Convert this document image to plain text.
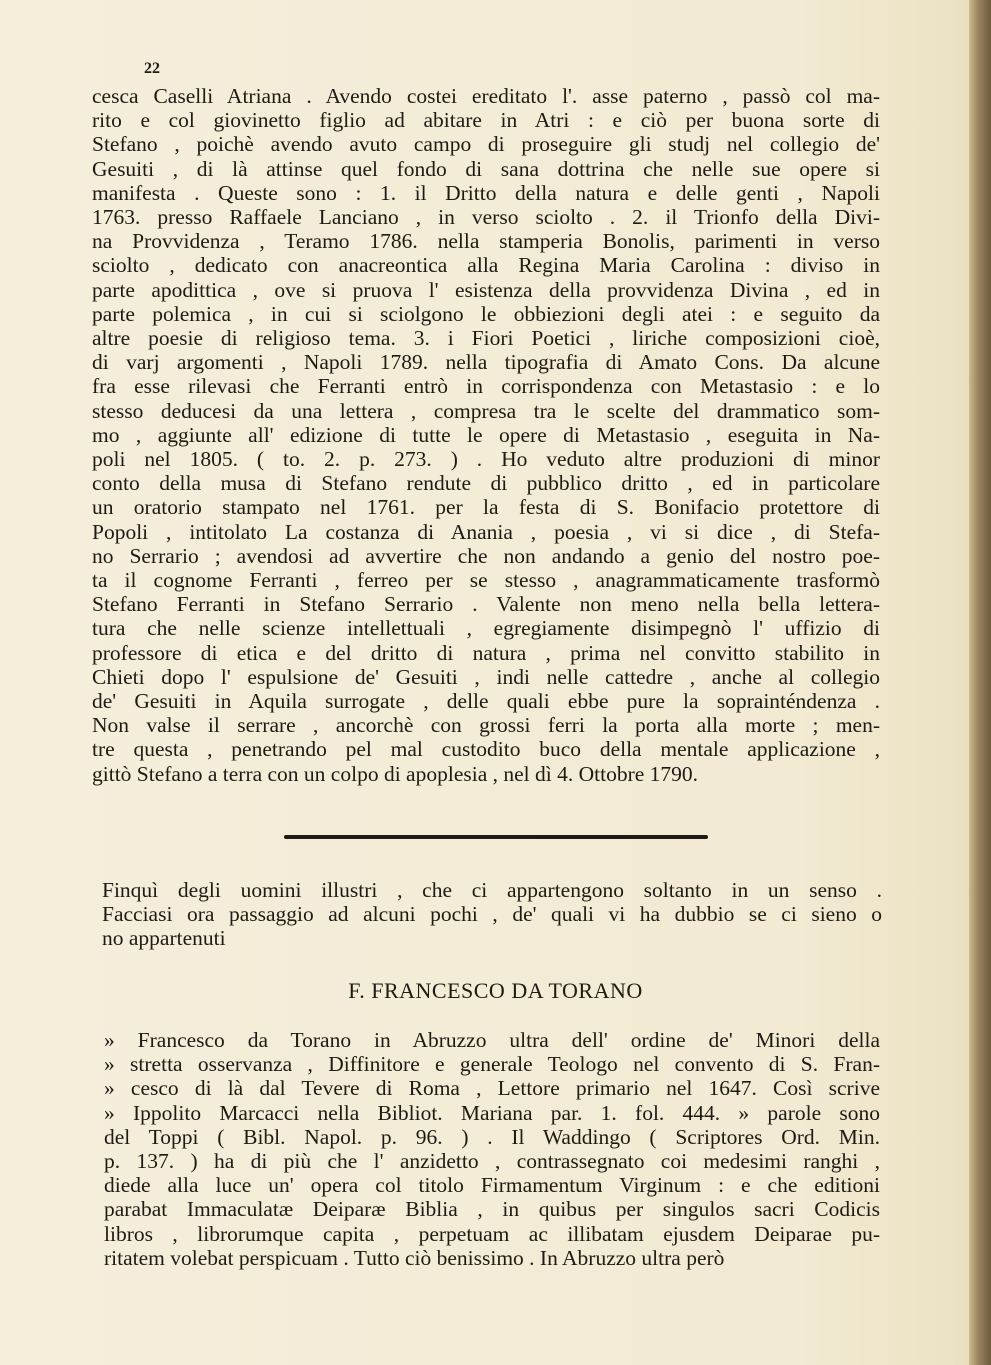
22
cesca Caselli Atriana . Avendo costei ereditato l'. asse paterno , passò col ma-
rito e col giovinetto figlio ad abitare in Atri : e ciò per buona sorte di
Stefano , poichè avendo avuto campo di proseguire gli studj nel collegio de'
Gesuiti , di là attinse quel fondo di sana dottrina che nelle sue opere si
manifesta . Queste sono : 1. il Dritto della natura e delle genti , Napoli
1763. presso Raffaele Lanciano , in verso sciolto . 2. il Trionfo della Divi-
na Provvidenza , Teramo 1786. nella stamperia Bonolis, parimenti in verso
sciolto , dedicato con anacreontica alla Regina Maria Carolina : diviso in
parte apodittica , ove si pruova l' esistenza della provvidenza Divina , ed in
parte polemica , in cui si sciolgono le obbiezioni degli atei : e seguito da
altre poesie di religioso tema. 3. i Fiori Poetici , liriche composizioni cioè,
di varj argomenti , Napoli 1789. nella tipografia di Amato Cons. Da alcune
fra esse rilevasi che Ferranti entrò in corrispondenza con Metastasio : e lo
stesso deducesi da una lettera , compresa tra le scelte del drammatico som-
mo , aggiunte all' edizione di tutte le opere di Metastasio , eseguita in Na-
poli nel 1805. ( to. 2. p. 273. ) . Ho veduto altre produzioni di minor
conto della musa di Stefano rendute di pubblico dritto , ed in particolare
un oratorio stampato nel 1761. per la festa di S. Bonifacio protettore di
Popoli , intitolato La costanza di Anania , poesia , vi si dice , di Stefa-
no Serrario ; avendosi ad avvertire che non andando a genio del nostro poe-
ta il cognome Ferranti , ferreo per se stesso , anagrammaticamente trasformò
Stefano Ferranti in Stefano Serrario . Valente non meno nella bella lettera-
tura che nelle scienze intellettuali , egregiamente disimpegnò l' uffizio di
professore di etica e del dritto di natura , prima nel convitto stabilito in
Chieti dopo l' espulsione de' Gesuiti , indi nelle cattedre , anche al collegio
de' Gesuiti in Aquila surrogate , delle quali ebbe pure la soprainténdenza .
Non valse il serrare , ancorchè con grossi ferri la porta alla morte ; men-
tre questa , penetrando pel mal custodito buco della mentale applicazione ,
gittò Stefano a terra con un colpo di apoplesia , nel dì 4. Ottobre 1790.
Finquì degli uomini illustri , che ci appartengono soltanto in un senso .
Facciasi ora passaggio ad alcuni pochi , de' quali vi ha dubbio se ci sieno o
no appartenuti
F. FRANCESCO DA TORANO
» Francesco da Torano in Abruzzo ultra dell' ordine de' Minori della
» stretta osservanza , Diffinitore e generale Teologo nel convento di S. Fran-
» cesco di là dal Tevere di Roma , Lettore primario nel 1647. Così scrive
» Ippolito Marcacci nella Bibliot. Mariana par. 1. fol. 444. » parole sono
del Toppi ( Bibl. Napol. p. 96. ) . Il Waddingo ( Scriptores Ord. Min.
p. 137. ) ha di più che l' anzidetto , contrassegnato coi medesimi ranghi ,
diede alla luce un' opera col titolo Firmamentum Virginum : e che editioni
parabat Immaculatæ Deiparæ Biblia , in quibus per singulos sacri Codicis
libros , librorumque capita , perpetuam ac illibatam ejusdem Deiparae pu-
ritatem volebat perspicuam . Tutto ciò benissimo . In Abruzzo ultra però
